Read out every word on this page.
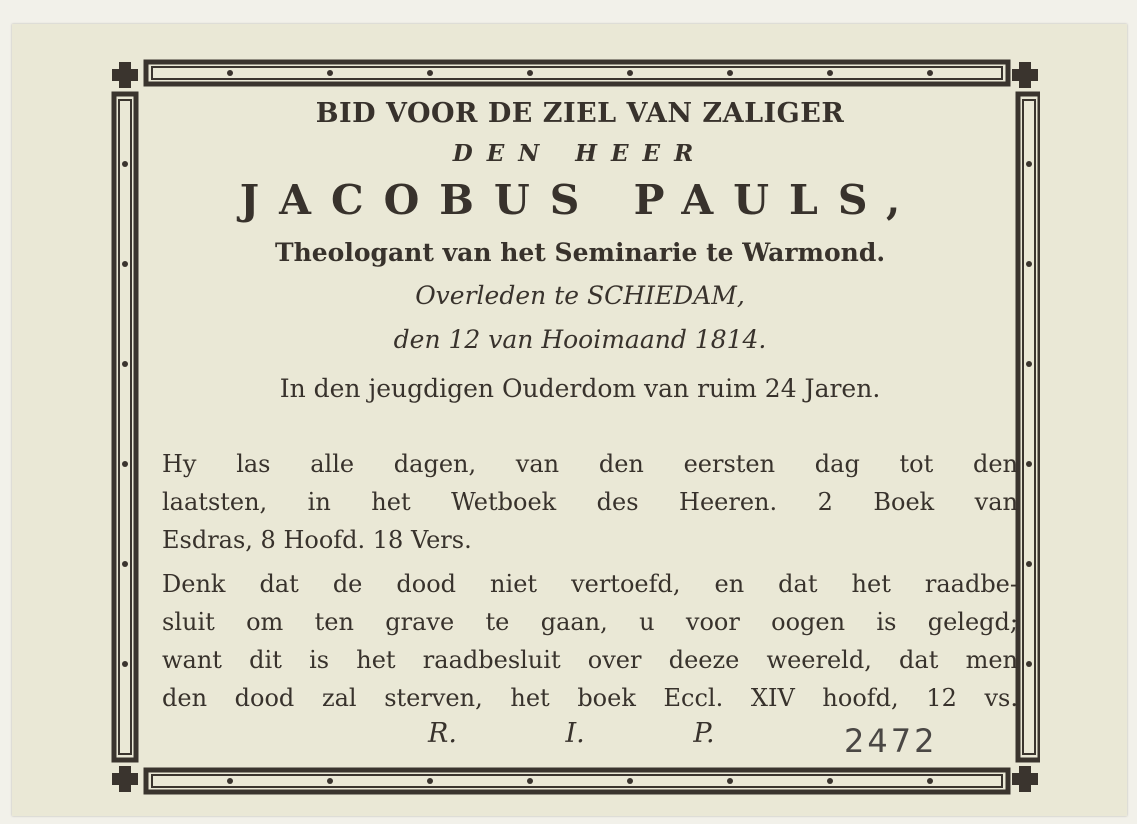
BID VOOR DE ZIEL VAN ZALIGER
DEN HEER
JACOBUS PAULS,
Theologant van het Seminarie te Warmond.
Overleden te SCHIEDAM,
den 12 van Hooimaand 1814.
In den jeugdigen Ouderdom van ruim 24 Jaren.
Hy las alle dagen, van den eersten dag tot den
laatsten, in het Wetboek des Heeren. 2 Boek van
Esdras, 8 Hoofd. 18 Vers.
Denk dat de dood niet vertoefd, en dat het raadbe-
sluit om ten grave te gaan, u voor oogen is gelegd;
want dit is het raadbesluit over deeze weereld, dat men
den dood zal sterven, het boek Eccl. XIV hoofd, 12 vs.
R.	I.	P.	2472
